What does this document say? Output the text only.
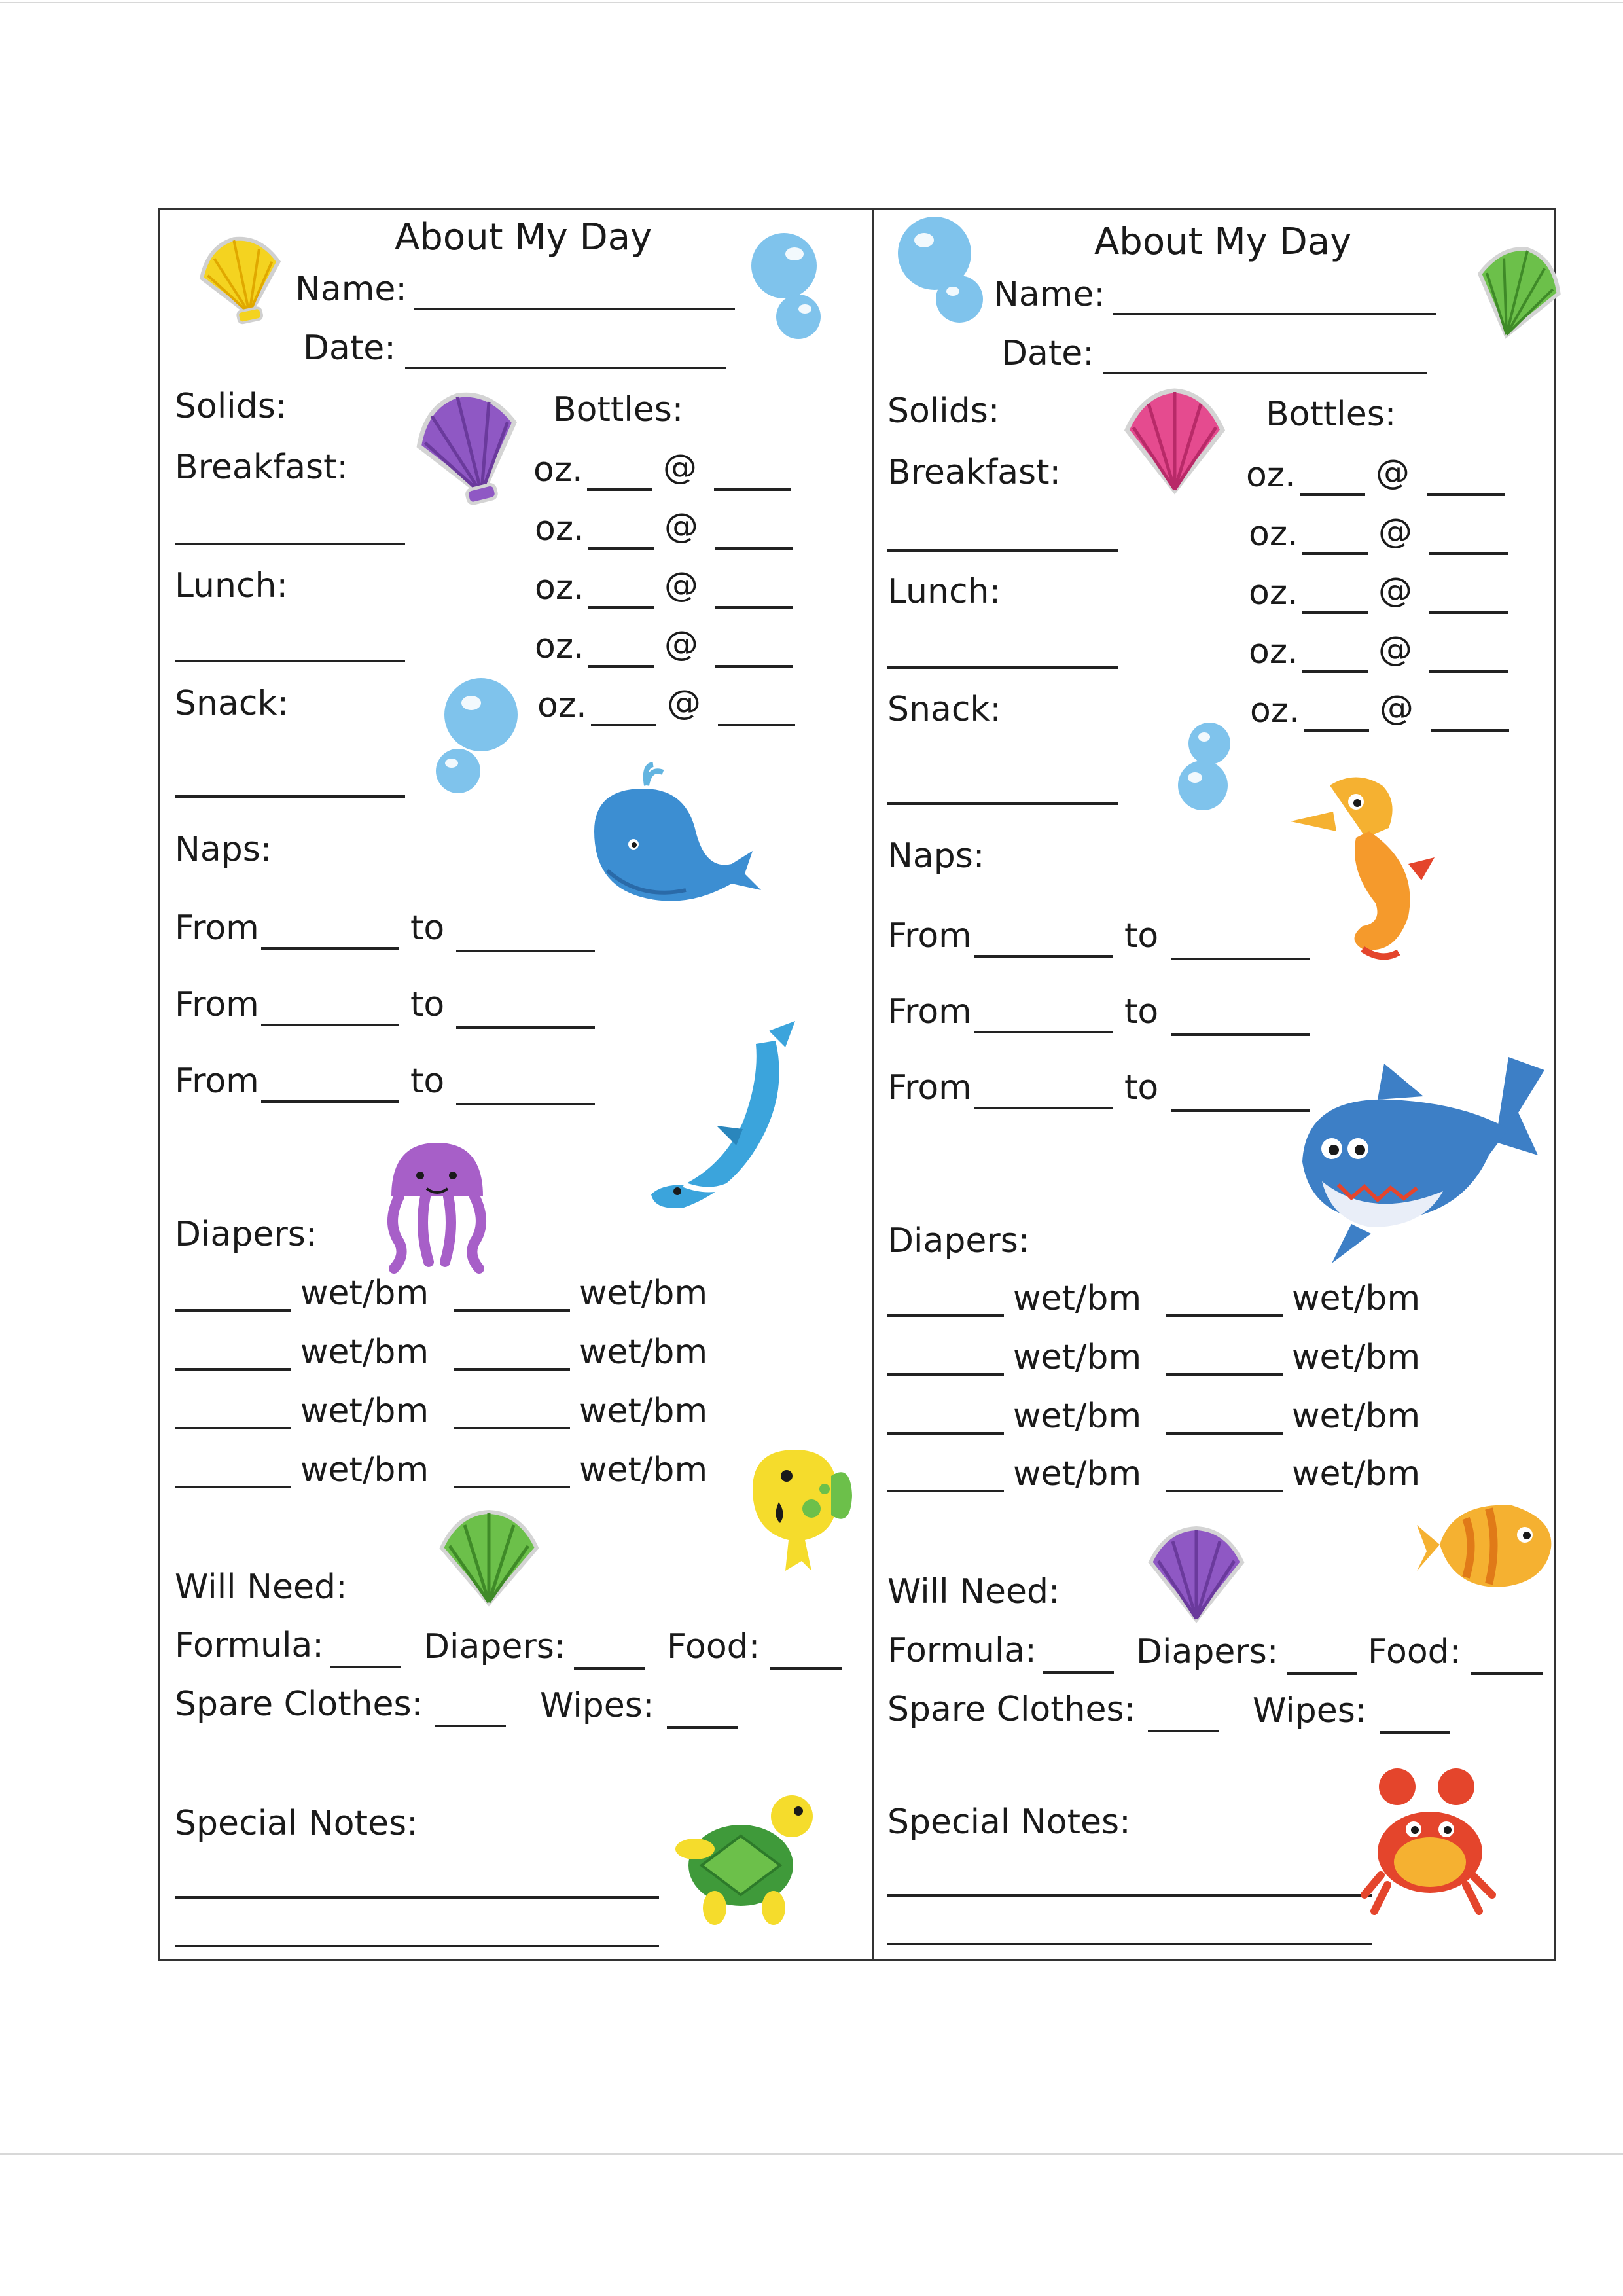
About My Day
Name:
Date:
Solids:	Bottles:
Breakfast:
Lunch:
Snack:
oz. @
oz. @
oz. @
oz. @
oz. @
Naps:
From	to
From	to
From	to
Diapers:
wet/bm	wet/bm
wet/bm	wet/bm
wet/bm	wet/bm
wet/bm	wet/bm
Will Need:
Formula:	Diapers:	Food:
Spare Clothes:	Wipes:
Special Notes:
About My Day
Name:
Date:
Solids:	Bottles:
Breakfast:
Lunch:
Snack:
oz. @
oz. @
oz. @
oz. @
oz. @
Naps:
From	to
From	to
From	to
Diapers:
wet/bm	wet/bm
wet/bm	wet/bm
wet/bm	wet/bm
wet/bm	wet/bm
Will Need:
Formula:	Diapers:	Food:
Spare Clothes:	Wipes:
Special Notes:
